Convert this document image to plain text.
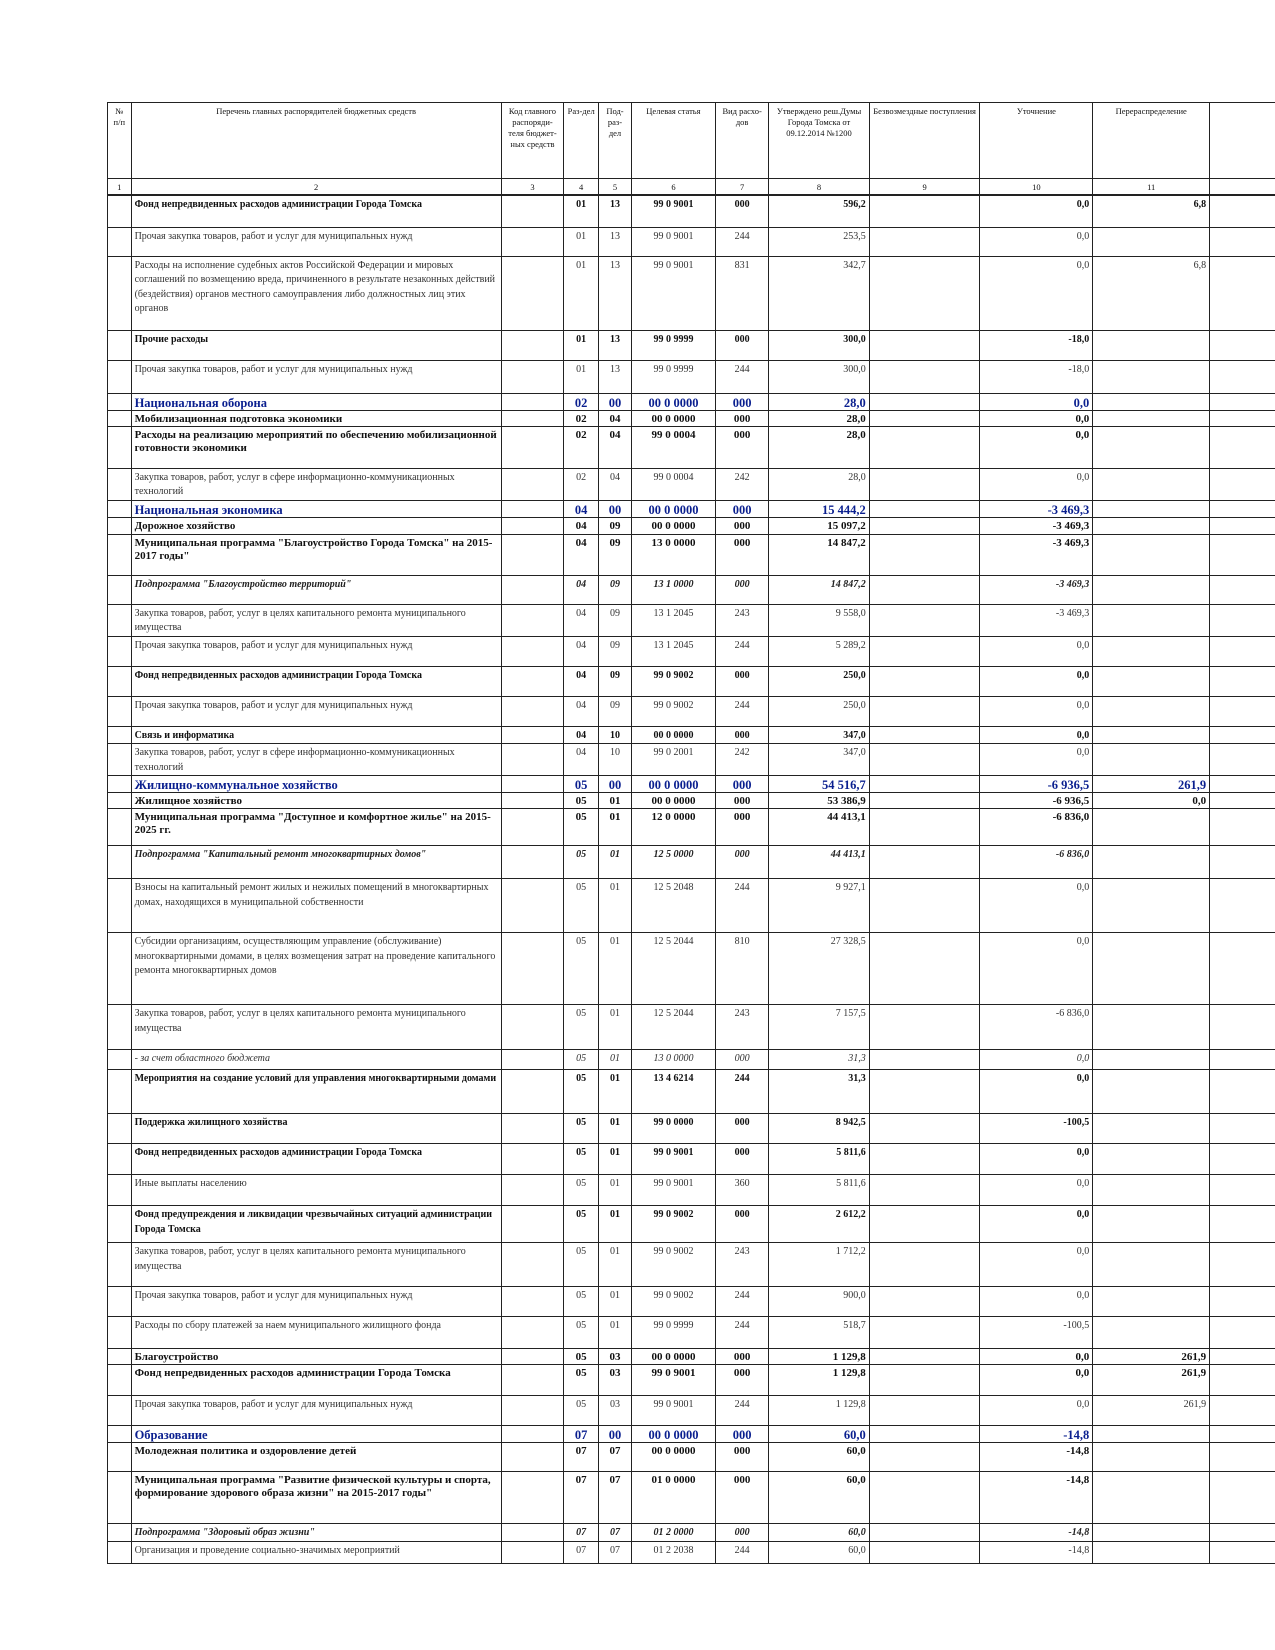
№ п/п	Перечень главных распорядителей бюджетных средств	Код главного распоряди-теля бюджет-ных средств	Раз-дел	Под-раз-дел	Целевая статья	Вид расхо-дов	Утверждено реш.Думы Города Томска от 09.12.2014 №1200	Безвозмездные поступления	Уточнение	Перераспределение	
1	2	3	4	5	6	7	8	9	10	11	
	Фонд непредвиденных расходов администрации Города Томска		01	13	99 0 9001	000	596,2		0,0	6,8	
	Прочая закупка товаров, работ и услуг для муниципальных нужд		01	13	99 0 9001	244	253,5		0,0		
	Расходы на исполнение судебных актов Российской Федерации и мировых соглашений по возмещению вреда, причиненного в результате незаконных действий (бездействия) органов местного самоуправления либо должностных лиц этих органов		01	13	99 0 9001	831	342,7		0,0	6,8	
	Прочие расходы		01	13	99 0 9999	000	300,0		-18,0		
	Прочая закупка товаров, работ и услуг для муниципальных нужд		01	13	99 0 9999	244	300,0		-18,0		
	Национальная оборона		02	00	00 0 0000	000	28,0		0,0		
	Мобилизационная подготовка экономики		02	04	00 0 0000	000	28,0		0,0		
	Расходы на реализацию мероприятий по обеспечению мобилизационной готовности экономики		02	04	99 0 0004	000	28,0		0,0		
	Закупка товаров, работ, услуг в сфере информационно-коммуникационных технологий		02	04	99 0 0004	242	28,0		0,0		
	Национальная экономика		04	00	00 0 0000	000	15 444,2		-3 469,3		
	Дорожное хозяйство		04	09	00 0 0000	000	15 097,2		-3 469,3		
	Муниципальная программа "Благоустройство Города Томска" на 2015-2017 годы"		04	09	13 0 0000	000	14 847,2		-3 469,3		
	Подпрограмма "Благоустройство территорий"		04	09	13 1 0000	000	14 847,2		-3 469,3		
	Закупка товаров, работ, услуг в целях капитального ремонта муниципального имущества		04	09	13 1 2045	243	9 558,0		-3 469,3		
	Прочая закупка товаров, работ и услуг для муниципальных нужд		04	09	13 1 2045	244	5 289,2		0,0		
	Фонд непредвиденных расходов администрации Города Томска		04	09	99 0 9002	000	250,0		0,0		
	Прочая закупка товаров, работ и услуг для муниципальных нужд		04	09	99 0 9002	244	250,0		0,0		
	Связь и информатика		04	10	00 0 0000	000	347,0		0,0		
	Закупка товаров, работ, услуг в сфере информационно-коммуникационных технологий		04	10	99 0 2001	242	347,0		0,0		
	Жилищно-коммунальное хозяйство		05	00	00 0 0000	000	54 516,7		-6 936,5	261,9	
	Жилищное хозяйство		05	01	00 0 0000	000	53 386,9		-6 936,5	0,0	
	Муниципальная программа "Доступное и комфортное жилье" на 2015-2025 гг.		05	01	12 0 0000	000	44 413,1		-6 836,0		
	Подпрограмма "Капитальный ремонт многоквартирных домов"		05	01	12 5 0000	000	44 413,1		-6 836,0		
	Взносы на капитальный ремонт жилых и нежилых помещений в многоквартирных домах, находящихся в муниципальной собственности		05	01	12 5 2048	244	9 927,1		0,0		
	Субсидии организациям, осуществляющим управление (обслуживание) многоквартирными домами, в целях возмещения затрат на проведение капитального ремонта многоквартирных домов		05	01	12 5 2044	810	27 328,5		0,0		
	Закупка товаров, работ, услуг в целях капитального ремонта муниципального имущества		05	01	12 5 2044	243	7 157,5		-6 836,0		
	- за счет областного бюджета		05	01	13 0 0000	000	31,3		0,0		
	Мероприятия на создание условий для управления многоквартирными домами		05	01	13 4 6214	244	31,3		0,0		
	Поддержка жилищного хозяйства		05	01	99 0 0000	000	8 942,5		-100,5		
	Фонд непредвиденных расходов администрации Города Томска		05	01	99 0 9001	000	5 811,6		0,0		
	Иные выплаты населению		05	01	99 0 9001	360	5 811,6		0,0		
	Фонд предупреждения и ликвидации чрезвычайных ситуаций администрации Города Томска		05	01	99 0 9002	000	2 612,2		0,0		
	Закупка товаров, работ, услуг в целях капитального ремонта муниципального имущества		05	01	99 0 9002	243	1 712,2		0,0		
	Прочая закупка товаров, работ и услуг для муниципальных нужд		05	01	99 0 9002	244	900,0		0,0		
	Расходы по сбору платежей за наем муниципального жилищного фонда		05	01	99 0 9999	244	518,7		-100,5		
	Благоустройство		05	03	00 0 0000	000	1 129,8		0,0	261,9	
	Фонд непредвиденных расходов администрации Города Томска		05	03	99 0 9001	000	1 129,8		0,0	261,9	
	Прочая закупка товаров, работ и услуг для муниципальных нужд		05	03	99 0 9001	244	1 129,8		0,0	261,9	
	Образование		07	00	00 0 0000	000	60,0		-14,8		
	Молодежная политика и оздоровление детей		07	07	00 0 0000	000	60,0		-14,8		
	Муниципальная программа "Развитие физической культуры и спорта, формирование здорового образа жизни" на 2015-2017 годы"		07	07	01 0 0000	000	60,0		-14,8		
	Подпрограмма "Здоровый образ жизни"		07	07	01 2 0000	000	60,0		-14,8		
	Организация и проведение социально-значимых мероприятий		07	07	01 2 2038	244	60,0		-14,8		
